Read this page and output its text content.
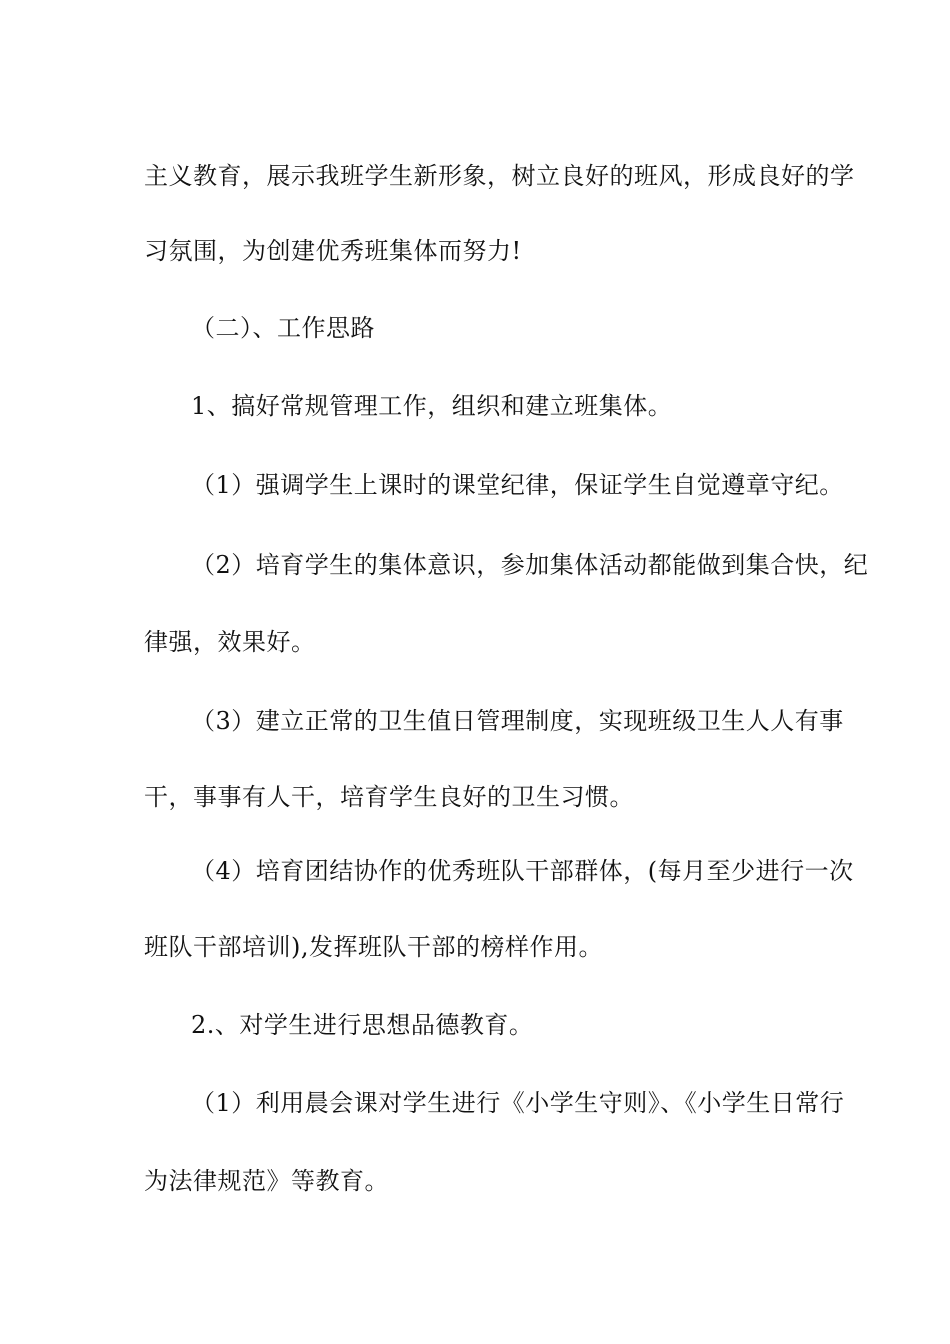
主义教育，展示我班学生新形象，树立良好的班风，形成良好的学

习氛围，为创建优秀班集体而努力!

（二）、工作思路

1、搞好常规管理工作，组织和建立班集体。

（1）强调学生上课时的课堂纪律，保证学生自觉遵章守纪。

（2）培育学生的集体意识，参加集体活动都能做到集合快，纪

律强，效果好。

（3）建立正常的卫生值日管理制度，实现班级卫生人人有事

干，事事有人干，培育学生良好的卫生习惯。

（4）培育团结协作的优秀班队干部群体，(每月至少进行一次

班队干部培训),发挥班队干部的榜样作用。

2.、对学生进行思想品德教育。

（1）利用晨会课对学生进行《小学生守则》、《小学生日常行

为法律规范》等教育。
